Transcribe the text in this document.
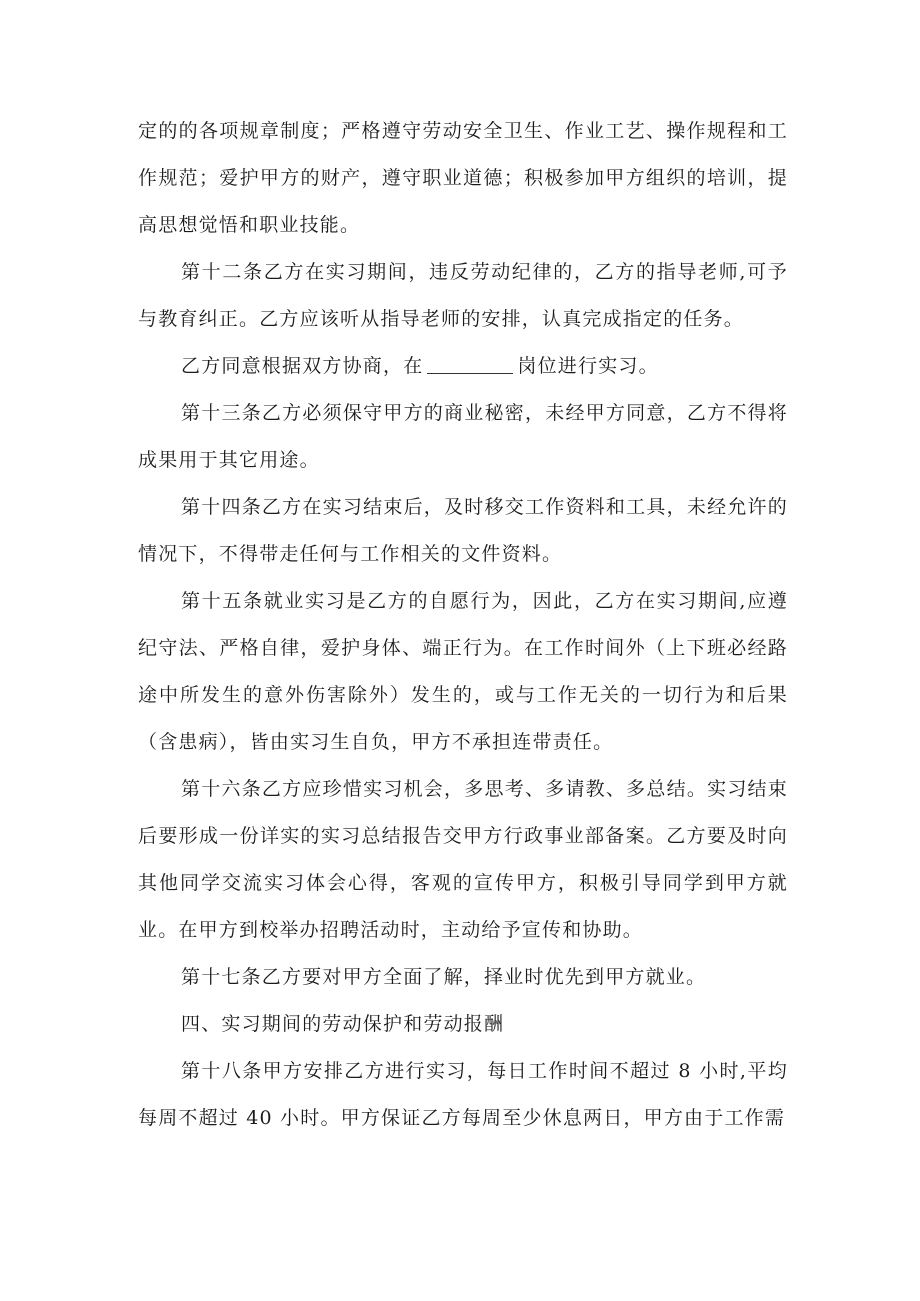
定的的各项规章制度；严格遵守劳动安全卫生、作业工艺、操作规程和工作规范；爱护甲方的财产，遵守职业道德；积极参加甲方组织的培训，提高思想觉悟和职业技能。

第十二条乙方在实习期间，违反劳动纪律的，乙方的指导老师,可予与教育纠正。乙方应该听从指导老师的安排，认真完成指定的任务。

乙方同意根据双方协商，在	岗位进行实习。

第十三条乙方必须保守甲方的商业秘密，未经甲方同意，乙方不得将成果用于其它用途。

第十四条乙方在实习结束后，及时移交工作资料和工具，未经允许的情况下，不得带走任何与工作相关的文件资料。

第十五条就业实习是乙方的自愿行为，因此，乙方在实习期间,应遵纪守法、严格自律，爱护身体、端正行为。在工作时间外（上下班必经路途中所发生的意外伤害除外）发生的，或与工作无关的一切行为和后果（含患病），皆由实习生自负，甲方不承担连带责任。

第十六条乙方应珍惜实习机会，多思考、多请教、多总结。实习结束后要形成一份详实的实习总结报告交甲方行政事业部备案。乙方要及时向其他同学交流实习体会心得，客观的宣传甲方，积极引导同学到甲方就业。在甲方到校举办招聘活动时，主动给予宣传和协助。

第十七条乙方要对甲方全面了解，择业时优先到甲方就业。

四、实习期间的劳动保护和劳动报酬

第十八条甲方安排乙方进行实习，每日工作时间不超过 8 小时,平均每周不超过 40 小时。甲方保证乙方每周至少休息两日，甲方由于工作需
